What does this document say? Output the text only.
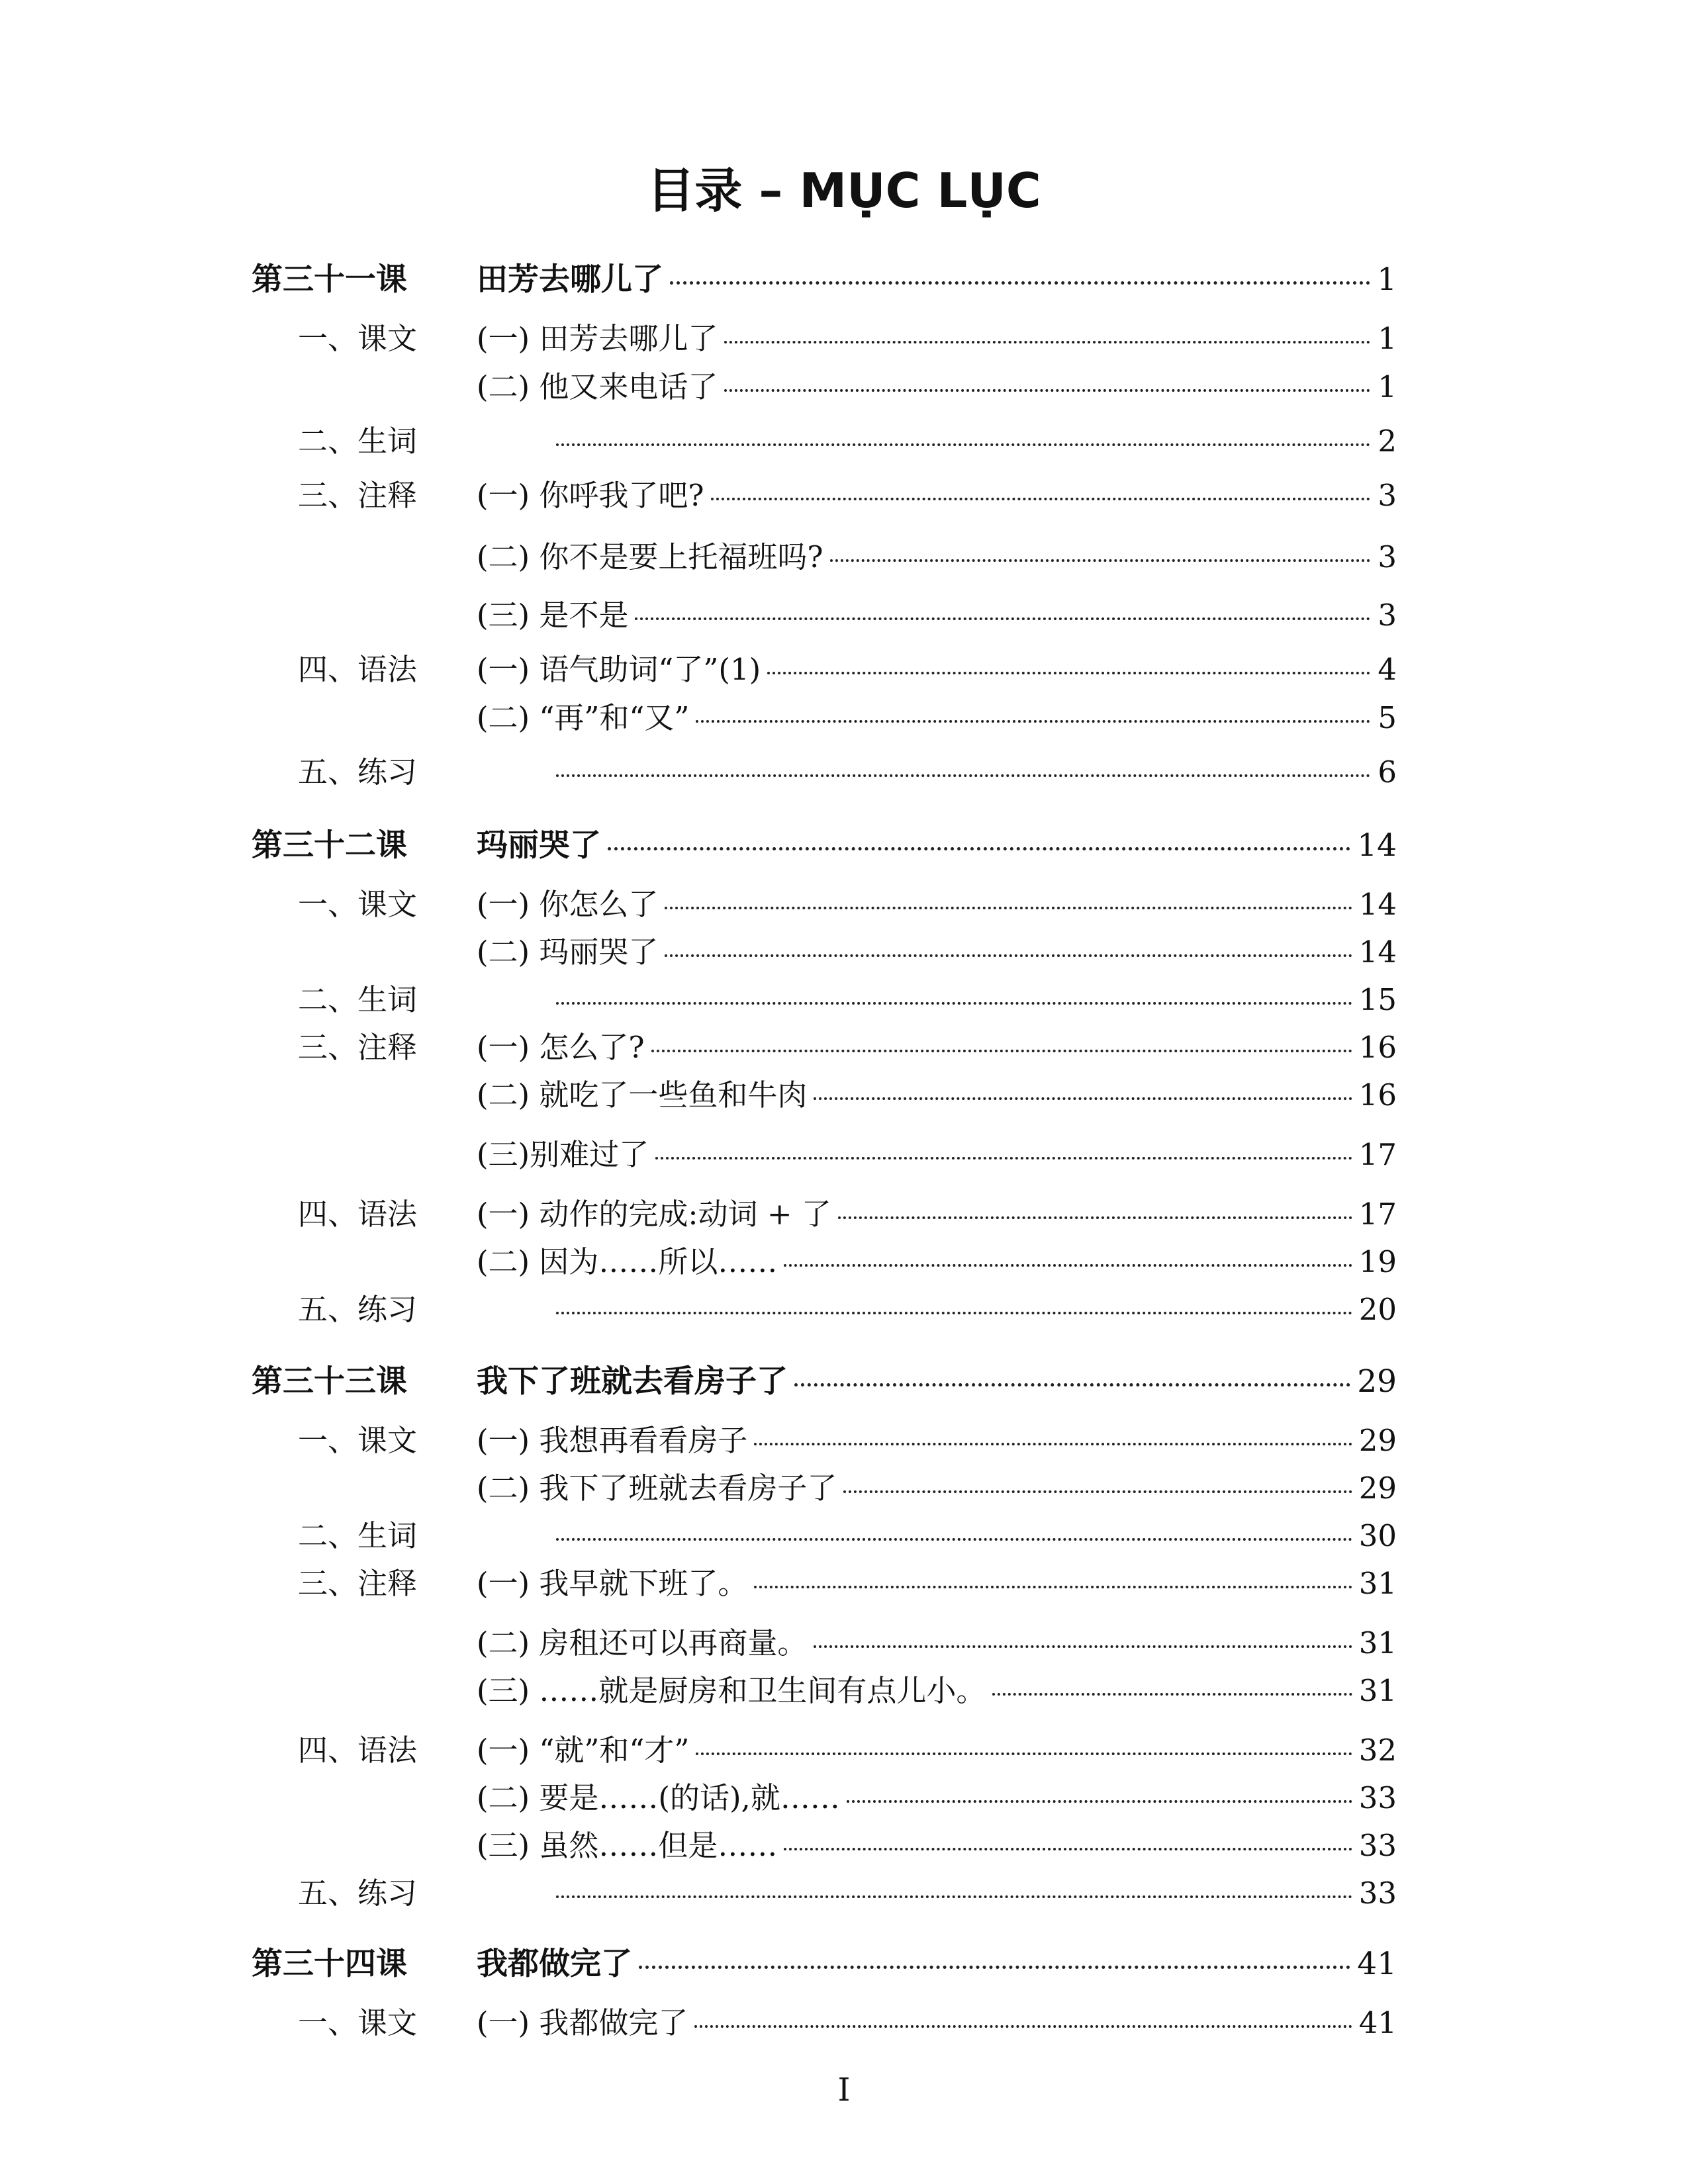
目录 – MỤC LỤC
第三十一课	田芳去哪儿了	1
一、课文	(一) 田芳去哪儿了	1
(二) 他又来电话了	1
二、生词	2
三、注释	(一) 你呼我了吧?	3
(二) 你不是要上托福班吗?	3
(三) 是不是	3
四、语法	(一) 语气助词“了”(1)	4
(二) “再”和“又”	5
五、练习	6
第三十二课	玛丽哭了	14
一、课文	(一) 你怎么了	14
(二) 玛丽哭了	14
二、生词	15
三、注释	(一) 怎么了?	16
(二) 就吃了一些鱼和牛肉	16
(三)别难过了	17
四、语法	(一) 动作的完成:动词 + 了	17
(二) 因为……所以……	19
五、练习	20
第三十三课	我下了班就去看房子了	29
一、课文	(一) 我想再看看房子	29
(二) 我下了班就去看房子了	29
二、生词	30
三、注释	(一) 我早就下班了。	31
(二) 房租还可以再商量。	31
(三) ……就是厨房和卫生间有点儿小。	31
四、语法	(一) “就”和“才”	32
(二) 要是……(的话),就……	33
(三) 虽然……但是……	33
五、练习	33
第三十四课	我都做完了	41
一、课文	(一) 我都做完了	41
I
